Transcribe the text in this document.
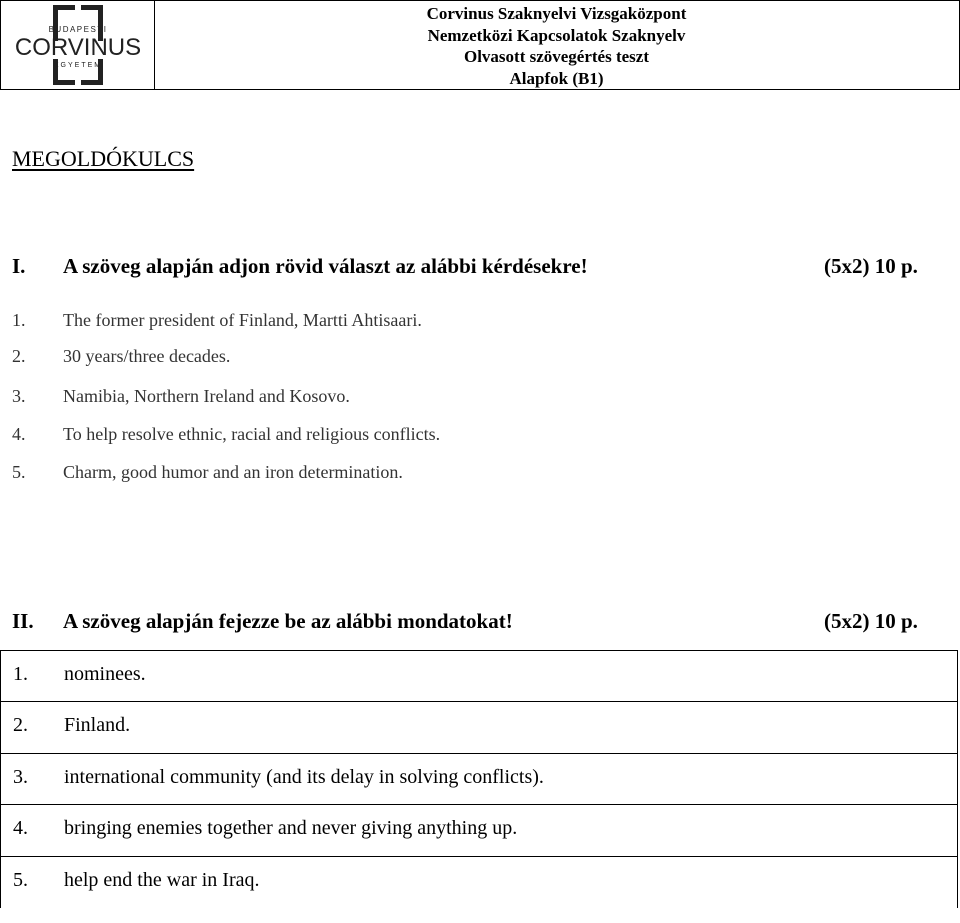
BUDAPESTI
CORVINUS
EGYETEM
Corvinus Szaknyelvi Vizsgaközpont
Nemzetközi Kapcsolatok Szaknyelv
Olvasott szövegértés teszt
Alapfok (B1)
MEGOLDÓKULCS
I. A szöveg alapján adjon rövid választ az alábbi kérdésekre!	(5x2) 10 p.
1. The former president of Finland, Martti Ahtisaari.
2. 30 years/three decades.
3. Namibia, Northern Ireland and Kosovo.
4. To help resolve ethnic, racial and religious conflicts.
5. Charm, good humor and an iron determination.
II. A szöveg alapján fejezze be az alábbi mondatokat!	(5x2) 10 p.
1. nominees.
2. Finland.
3. international community (and its delay in solving conflicts).
4. bringing enemies together and never giving anything up.
5. help end the war in Iraq.
